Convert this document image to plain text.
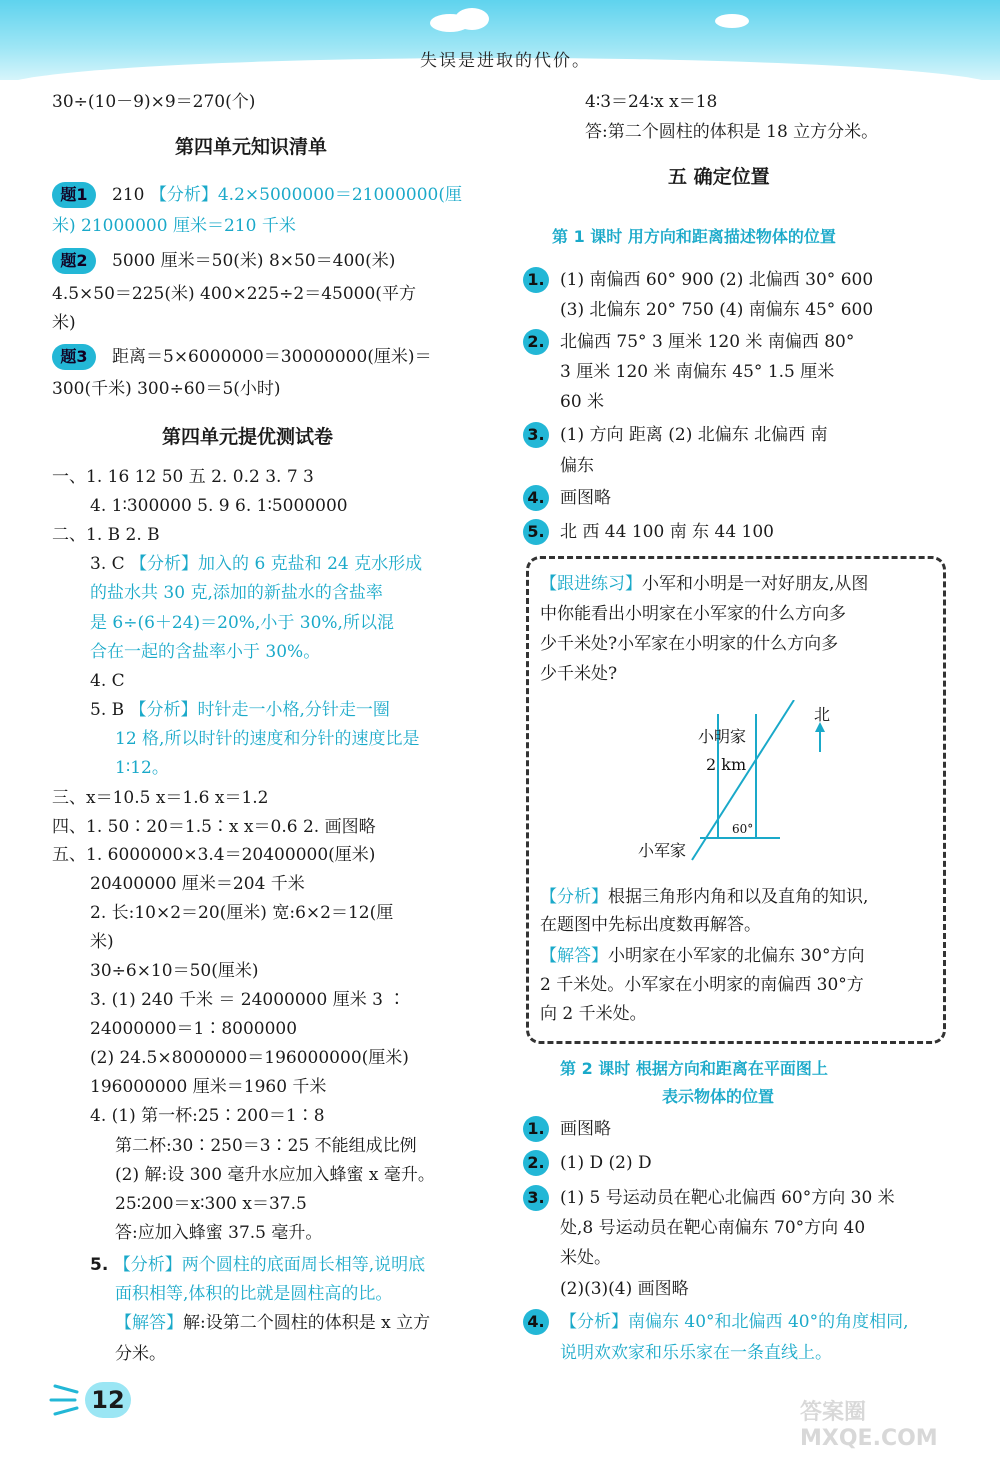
失误是进取的代价。
30÷(10－9)×9＝270(个)
第四单元知识清单
题1	210 【分析】4.2×5000000＝21000000(厘
米) 21000000 厘米＝210 千米
题2	5000 厘米＝50(米) 8×50＝400(米)
4.5×50＝225(米) 400×225÷2＝45000(平方
米)
题3	距离＝5×6000000＝30000000(厘米)＝
300(千米) 300÷60＝5(小时)
第四单元提优测试卷
一、1. 16 12 50 五 2. 0.2 3. 7 3
4. 1∶300000 5. 9 6. 1∶5000000
二、1. B 2. B
3. C 【分析】加入的 6 克盐和 24 克水形成
的盐水共 30 克,添加的新盐水的含盐率
是 6÷(6＋24)＝20%,小于 30%,所以混
合在一起的含盐率小于 30%。
4. C
5. B 【分析】时针走一小格,分针走一圈
12 格,所以时针的速度和分针的速度比是
1∶12。
三、x＝10.5 x＝1.6 x＝1.2
四、1. 50∶20＝1.5∶x x＝0.6 2. 画图略
五、1. 6000000×3.4＝20400000(厘米)
20400000 厘米＝204 千米
2. 长:10×2＝20(厘米) 宽:6×2＝12(厘
米)
30÷6×10＝50(厘米)
3. (1) 240 千米 ＝ 24000000 厘米 3 ∶
24000000＝1∶8000000
(2) 24.5×8000000＝196000000(厘米)
196000000 厘米＝1960 千米
4. (1) 第一杯:25∶200＝1∶8
第二杯:30∶250＝3∶25 不能组成比例
(2) 解:设 300 毫升水应加入蜂蜜 x 毫升。
25∶200＝x∶300 x＝37.5
答:应加入蜂蜜 37.5 毫升。
5. 【分析】两个圆柱的底面周长相等,说明底
面积相等,体积的比就是圆柱高的比。
【解答】解:设第二个圆柱的体积是 x 立方
分米。
4∶3＝24∶x x＝18
答:第二个圆柱的体积是 18 立方分米。
五 确定位置
第 1 课时 用方向和距离描述物体的位置
1. (1) 南偏西 60° 900 (2) 北偏西 30° 600
(3) 北偏东 20° 750 (4) 南偏东 45° 600
2. 北偏西 75° 3 厘米 120 米 南偏西 80°
3 厘米 120 米 南偏东 45° 1.5 厘米
60 米
3. (1) 方向 距离 (2) 北偏东 北偏西 南
偏东
4. 画图略
5. 北 西 44 100 南 东 44 100
【跟进练习】小军和小明是一对好朋友,从图
中你能看出小明家在小军家的什么方向多
少千米处?小军家在小明家的什么方向多
少千米处?
小明家
2 km
北
60°
小军家
【分析】根据三角形内角和以及直角的知识,
在题图中先标出度数再解答。
【解答】小明家在小军家的北偏东 30°方向
2 千米处。小军家在小明家的南偏西 30°方
向 2 千米处。
第 2 课时 根据方向和距离在平面图上
表示物体的位置
1. 画图略
2. (1) D (2) D
3. (1) 5 号运动员在靶心北偏西 60°方向 30 米
处,8 号运动员在靶心南偏东 70°方向 40
米处。
(2)(3)(4) 画图略
4. 【分析】南偏东 40°和北偏西 40°的角度相同,
说明欢欢家和乐乐家在一条直线上。
12	答案圈 MXQE.COM
